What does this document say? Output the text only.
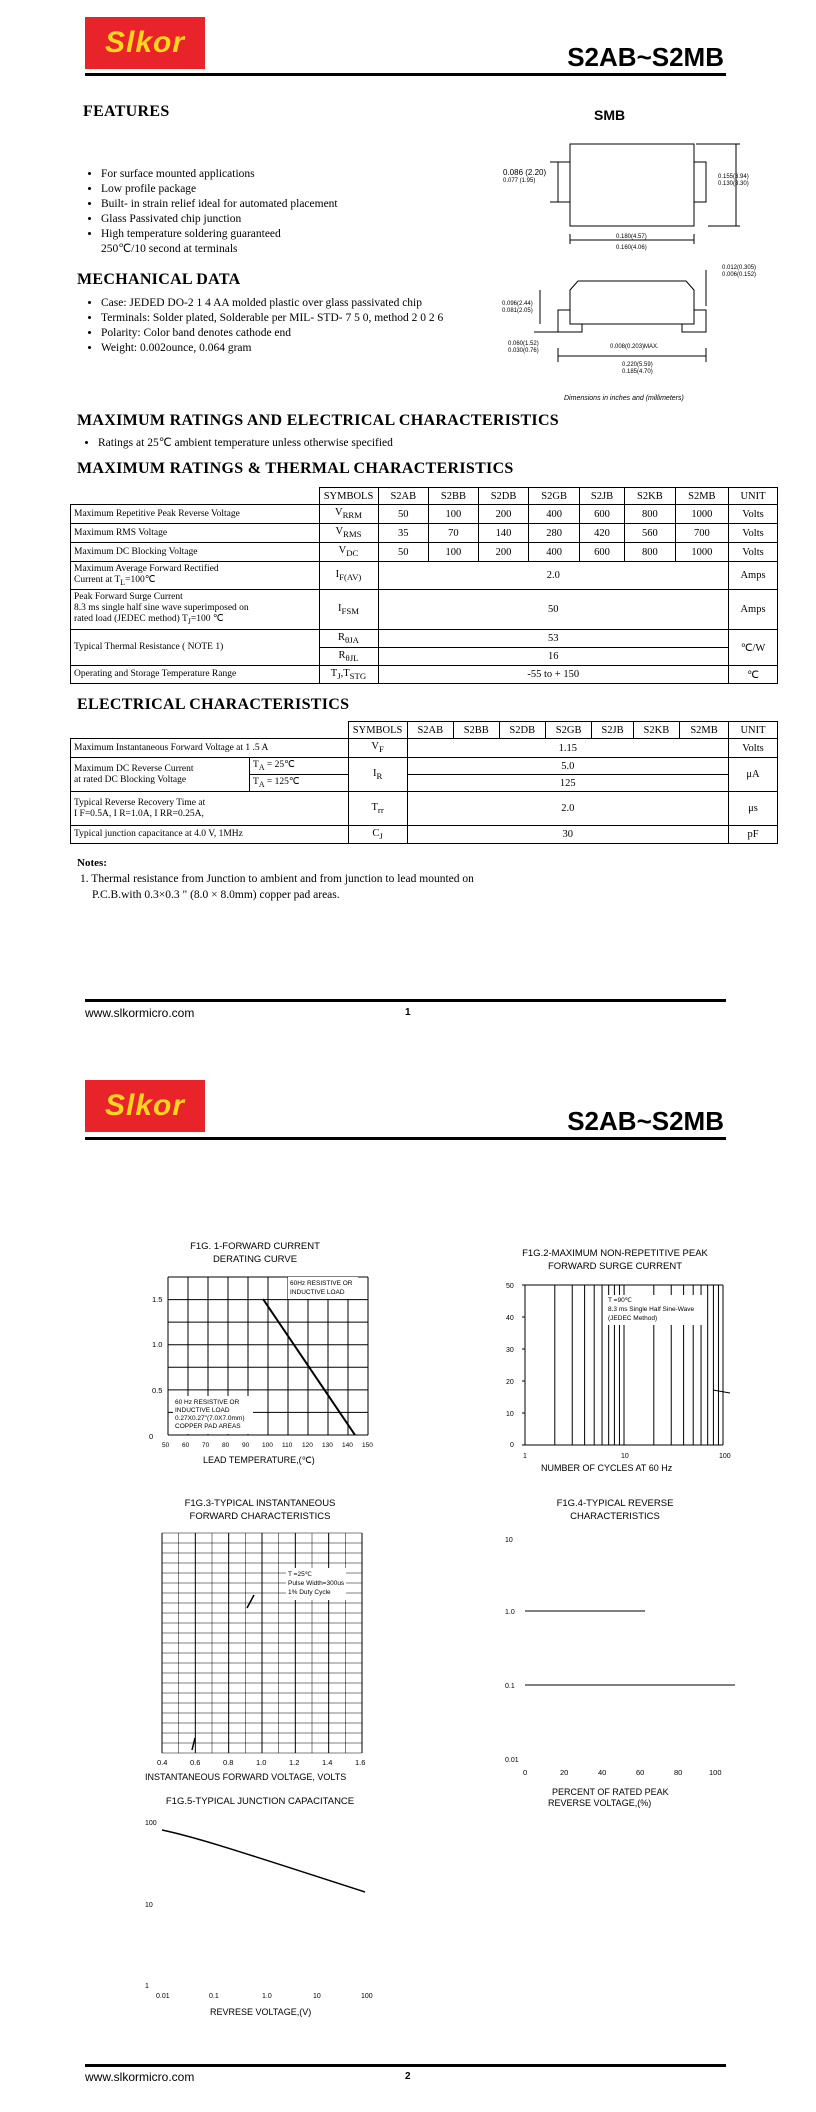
Slkor	S2AB~S2MB
FEATURES	SMB
• For surface mounted applications
• Low profile package
• Built- in strain relief ideal for automated placement
• Glass Passivated chip junction
• High temperature soldering guaranteed
250℃/10 second at terminals
MECHANICAL DATA
• Case: JEDED DO-2 1 4 AA molded plastic over glass passivated chip
• Terminals: Solder plated, Solderable per MIL- STD- 7 5 0, method 2 0 2 6
• Polarity: Color band denotes cathode end
• Weight: 0.002ounce, 0.064 gram
0.086 (2.20)
0.077 (1.95)
0.155(3.94)
0.130(3.30)
0.180(4.57)
0.160(4.06)
0.012(0.305)
0.006(0.152)
0.096(2.44)
0.081(2.05)
0.060(1.52)
0.030(0.76)
0.008(0.203)MAX.
0.220(5.59)
0.185(4.70)
Dimensions in inches and (millimeters)
MAXIMUM RATINGS AND ELECTRICAL CHARACTERISTICS
• Ratings at 25℃ ambient temperature unless otherwise specified
MAXIMUM RATINGS & THERMAL CHARACTERISTICS
	SYMBOLS	S2AB	S2BB	S2DB	S2GB	S2JB	S2KB	S2MB	UNIT
Maximum Repetitive Peak Reverse Voltage	$V_{RRM}$	50	100	200	400	600	800	1000	Volts
Maximum RMS Voltage	$V_{RMS}$	35	70	140	280	420	560	700	Volts
Maximum DC Blocking Voltage	$V_{DC}$	50	100	200	400	600	800	1000	Volts
Maximum Average Forward Rectified
Current at $T_L=100℃$	$I_{F(AV)}$	2.0							Amps
Peak Forward Surge Current
8.3 ms single half sine wave superimposed on
rated load (JEDEC method) $T_J=100$ ℃	$I_{FSM}$	50							Amps
Typical Thermal Resistance ( NOTE 1)	$R_{\theta JA}$	53							℃/W
	$R_{\theta JL}$	16							
Operating and Storage Temperature Range	$T_J,T_{STG}$	-55 to + 150							℃
ELECTRICAL CHARACTERISTICS
		SYMBOLS	S2AB	S2BB	S2DB	S2GB	S2JB	S2KB	S2MB	UNIT
Maximum Instantaneous Forward Voltage at 1 .5 A		$V_F$	1.15							Volts
Maximum DC Reverse Current
at rated DC Blocking Voltage	$T_A$ = 25℃	$I_R$	5.0							μA
	$T_A$ = 125℃		125							
Typical Reverse Recovery Time at
I F=0.5A, I R=1.0A, I RR=0.25A,		$T_{rr}$	2.0							μs
Typical junction capacitance at 4.0 V, 1MHz		$C_J$	30							pF
Notes:
1. Thermal resistance from Junction to ambient and from junction to lead mounted on
P.C.B.with 0.3×0.3 " (8.0 × 8.0mm) copper pad areas.
www.slkormicro.com	1
Slkor	S2AB~S2MB
F1G. 1-FORWARD CURRENT
DERATING CURVE
1.5
1.0
0.5
0
50 60 70 80 90 100 110 120 130 140 150
60Hz RESISTIVE OR
INDUCTIVE LOAD
60 Hz RESISTIVE OR
INDUCTIVE LOAD
0.27X0.27"(7.0X7.0mm)
COPPER PAD AREAS
LEAD TEMPERATURE,(℃)
F1G.2-MAXIMUM NON-REPETITIVE PEAK
FORWARD SURGE CURRENT
T =90℃
8.3 ms Single Half Sine-Wave
(JEDEC Method)
50
40
30
20
10
0
1	10	100
NUMBER OF CYCLES AT 60 Hz
F1G.3-TYPICAL INSTANTANEOUS
FORWARD CHARACTERISTICS
T =25℃
Pulse Width=300us
1% Duty Cycle
0.4	0.6	0.8	1.0	1.2	1.4	1.6
INSTANTANEOUS FORWARD VOLTAGE, VOLTS
F1G.4-TYPICAL REVERSE
CHARACTERISTICS
10
1.0
0.1
0.01
0	20	40	60	80	100
PERCENT OF RATED PEAK
REVERSE VOLTAGE,(%)
F1G.5-TYPICAL JUNCTION CAPACITANCE
100
10
1
0.01	0.1	1.0	10	100
REVRESE VOLTAGE,(V)
www.slkormicro.com	2
